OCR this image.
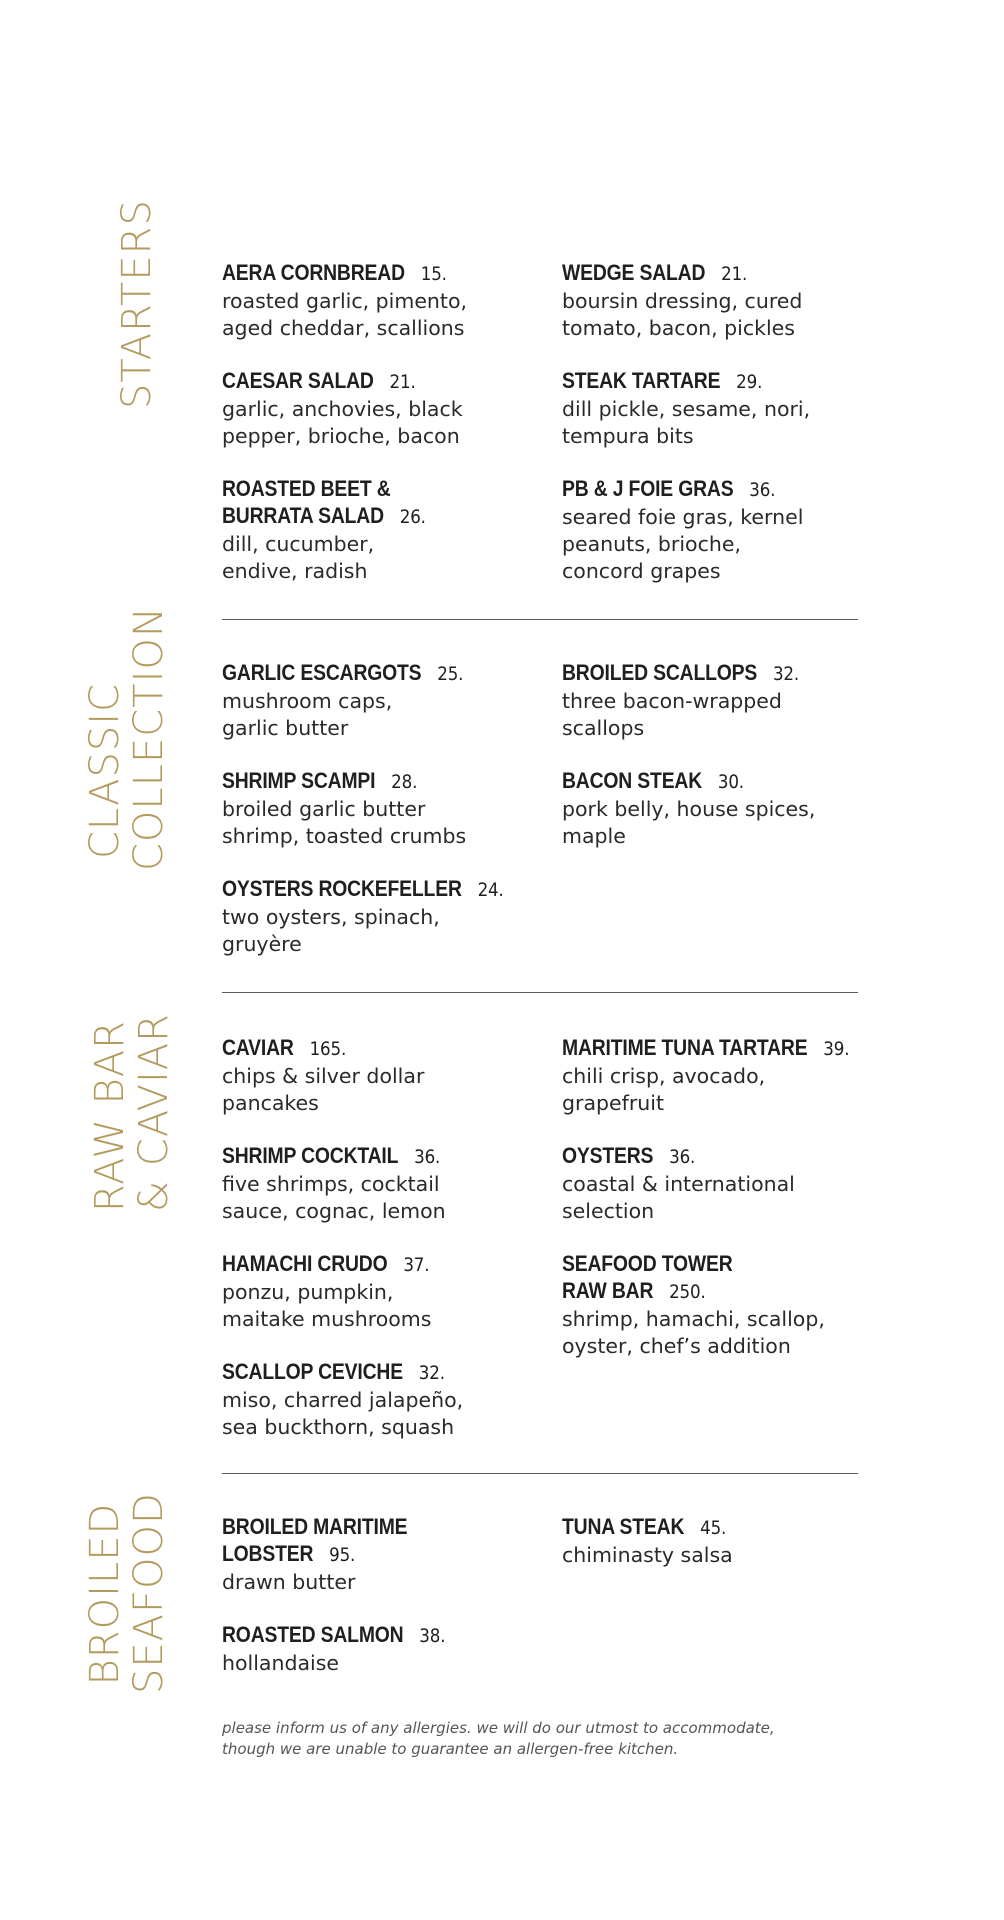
STARTERS	AERA CORNBREAD 15.
roasted garlic, pimento,
aged cheddar, scallions
CAESAR SALAD 21.
garlic, anchovies, black
pepper, brioche, bacon
ROASTED BEET &
BURRATA SALAD 26.
dill, cucumber,
endive, radish
WEDGE SALAD 21.
boursin dressing, cured
tomato, bacon, pickles
STEAK TARTARE 29.
dill pickle, sesame, nori,
tempura bits
PB & J FOIE GRAS 36.
seared foie gras, kernel
peanuts, brioche,
concord grapes
CLASSIC
COLLECTION GARLIC ESCARGOTS 25.
mushroom caps,
garlic butter
SHRIMP SCAMPI 28.
broiled garlic butter
shrimp, toasted crumbs
OYSTERS ROCKEFELLER 24.
two oysters, spinach,
gruyère
BROILED SCALLOPS 32.
three bacon-wrapped
scallops
BACON STEAK 30.
pork belly, house spices,
maple
RAW BAR
& CAVIAR CAVIAR 165.
chips & silver dollar
pancakes
SHRIMP COCKTAIL 36.
five shrimps, cocktail
sauce, cognac, lemon
HAMACHI CRUDO 37.
ponzu, pumpkin,
maitake mushrooms
SCALLOP CEVICHE 32.
miso, charred jalapeño,
sea buckthorn, squash
MARITIME TUNA TARTARE 39.
chili crisp, avocado,
grapefruit
OYSTERS 36.
coastal & international
selection
SEAFOOD TOWER
RAW BAR 250.
shrimp, hamachi, scallop,
oyster, chef’s addition
BROILED
SEAFOOD BROILED MARITIME
LOBSTER 95.
drawn butter
ROASTED SALMON 38.
hollandaise
TUNA STEAK 45.
chiminasty salsa
please inform us of any allergies. we will do our utmost to accommodate,
though we are unable to guarantee an allergen-free kitchen.
